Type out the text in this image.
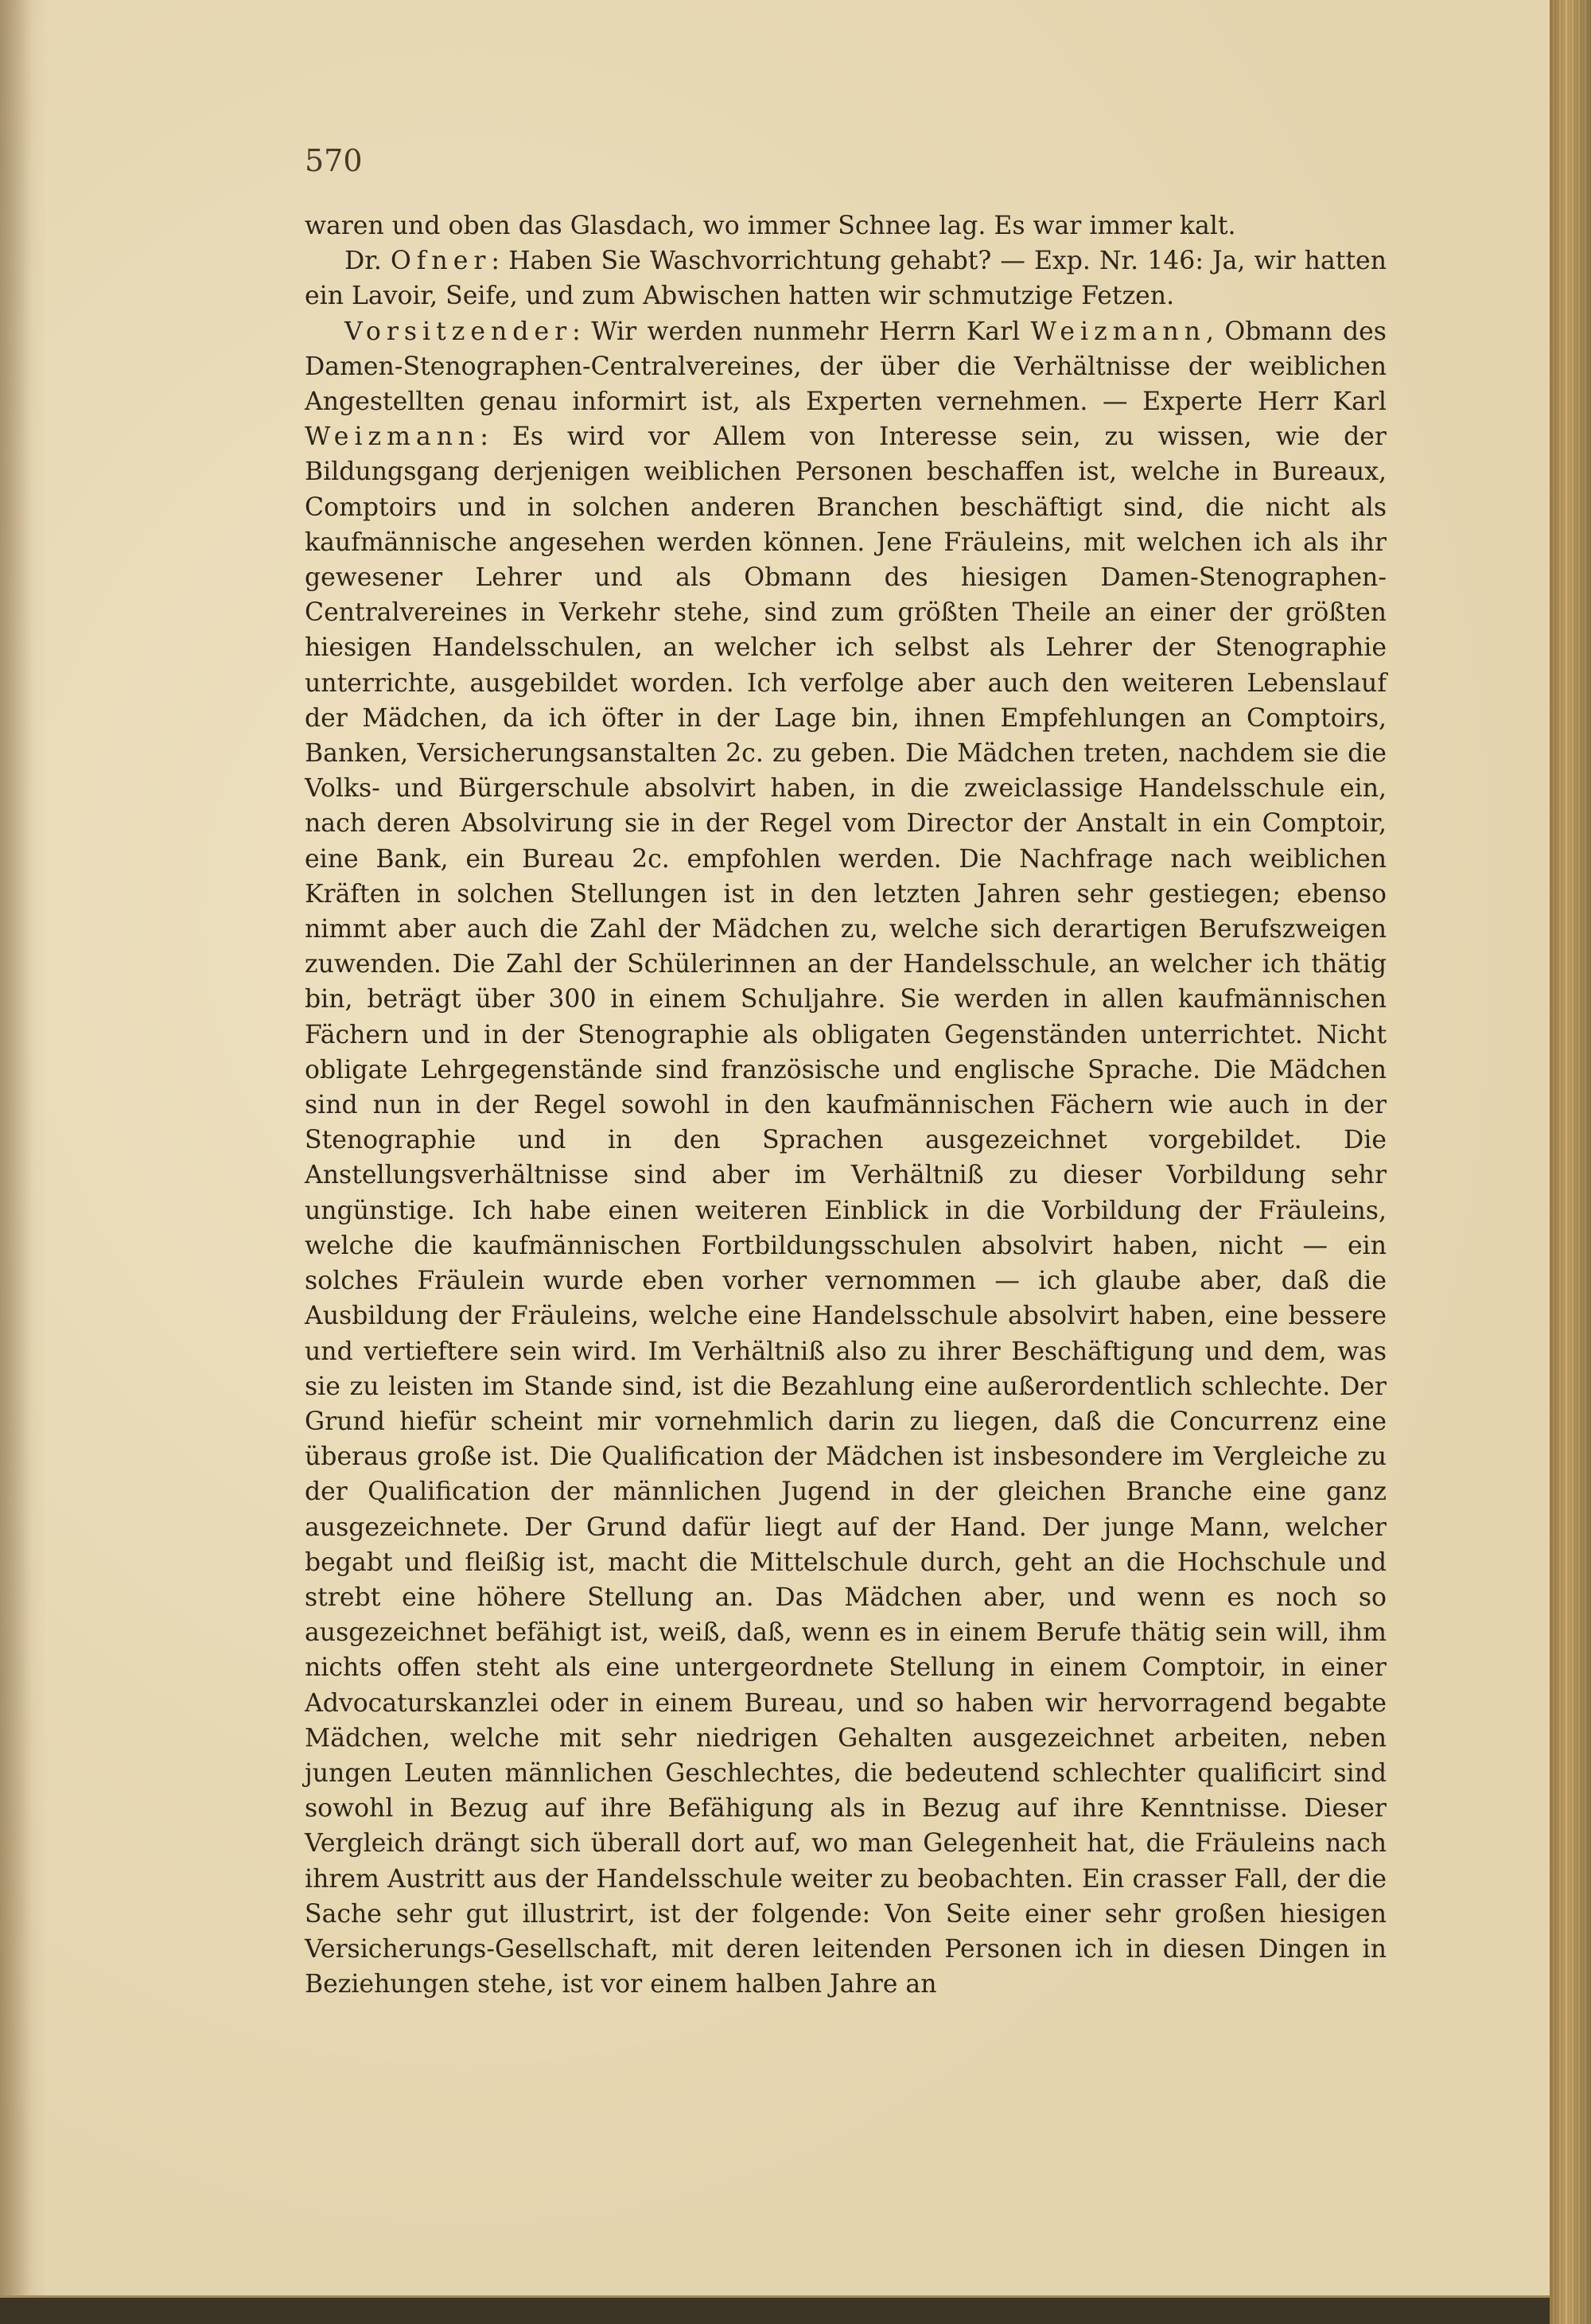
570

waren und oben das Glasdach, wo immer Schnee lag. Es war immer kalt.

Dr. Ofner: Haben Sie Waschvorrichtung gehabt? — Exp. Nr. 146: Ja, wir hatten ein Lavoir, Seife, und zum Abwischen hatten wir schmutzige Fetzen.

Vorsitzender: Wir werden nunmehr Herrn Karl Weizmann, Obmann des Damen-Stenographen-Centralvereines, der über die Verhältnisse der weiblichen Angestellten genau informirt ist, als Experten vernehmen. — Experte Herr Karl Weizmann: Es wird vor Allem von Interesse sein, zu wissen, wie der Bildungsgang derjenigen weiblichen Personen beschaffen ist, welche in Bureaux, Comptoirs und in solchen anderen Branchen beschäftigt sind, die nicht als kaufmännische angesehen werden können. Jene Fräuleins, mit welchen ich als ihr gewesener Lehrer und als Obmann des hiesigen Damen-Stenographen-Centralvereines in Verkehr stehe, sind zum größten Theile an einer der größten hiesigen Handelsschulen, an welcher ich selbst als Lehrer der Stenographie unterrichte, ausgebildet worden. Ich verfolge aber auch den weiteren Lebenslauf der Mädchen, da ich öfter in der Lage bin, ihnen Empfehlungen an Comptoirs, Banken, Versicherungsanstalten 2c. zu geben. Die Mädchen treten, nachdem sie die Volks- und Bürgerschule absolvirt haben, in die zweiclassige Handelsschule ein, nach deren Absolvirung sie in der Regel vom Director der Anstalt in ein Comptoir, eine Bank, ein Bureau 2c. empfohlen werden. Die Nachfrage nach weiblichen Kräften in solchen Stellungen ist in den letzten Jahren sehr gestiegen; ebenso nimmt aber auch die Zahl der Mädchen zu, welche sich derartigen Berufszweigen zuwenden. Die Zahl der Schülerinnen an der Handelsschule, an welcher ich thätig bin, beträgt über 300 in einem Schuljahre. Sie werden in allen kaufmännischen Fächern und in der Stenographie als obligaten Gegenständen unterrichtet. Nicht obligate Lehrgegenstände sind französische und englische Sprache. Die Mädchen sind nun in der Regel sowohl in den kaufmännischen Fächern wie auch in der Stenographie und in den Sprachen ausgezeichnet vorgebildet. Die Anstellungsverhältnisse sind aber im Verhältniß zu dieser Vorbildung sehr ungünstige. Ich habe einen weiteren Einblick in die Vorbildung der Fräuleins, welche die kaufmännischen Fortbildungsschulen absolvirt haben, nicht — ein solches Fräulein wurde eben vorher vernommen — ich glaube aber, daß die Ausbildung der Fräuleins, welche eine Handelsschule absolvirt haben, eine bessere und vertieftere sein wird. Im Verhältniß also zu ihrer Beschäftigung und dem, was sie zu leisten im Stande sind, ist die Bezahlung eine außerordentlich schlechte. Der Grund hiefür scheint mir vornehmlich darin zu liegen, daß die Concurrenz eine überaus große ist. Die Qualification der Mädchen ist insbesondere im Vergleiche zu der Qualification der männlichen Jugend in der gleichen Branche eine ganz ausgezeichnete. Der Grund dafür liegt auf der Hand. Der junge Mann, welcher begabt und fleißig ist, macht die Mittelschule durch, geht an die Hochschule und strebt eine höhere Stellung an. Das Mädchen aber, und wenn es noch so ausgezeichnet befähigt ist, weiß, daß, wenn es in einem Berufe thätig sein will, ihm nichts offen steht als eine untergeordnete Stellung in einem Comptoir, in einer Advocaturskanzlei oder in einem Bureau, und so haben wir hervorragend begabte Mädchen, welche mit sehr niedrigen Gehalten ausgezeichnet arbeiten, neben jungen Leuten männlichen Geschlechtes, die bedeutend schlechter qualificirt sind sowohl in Bezug auf ihre Befähigung als in Bezug auf ihre Kenntnisse. Dieser Vergleich drängt sich überall dort auf, wo man Gelegenheit hat, die Fräuleins nach ihrem Austritt aus der Handelsschule weiter zu beobachten. Ein crasser Fall, der die Sache sehr gut illustrirt, ist der folgende: Von Seite einer sehr großen hiesigen Versicherungs-Gesellschaft, mit deren leitenden Personen ich in diesen Dingen in Beziehungen stehe, ist vor einem halben Jahre an
